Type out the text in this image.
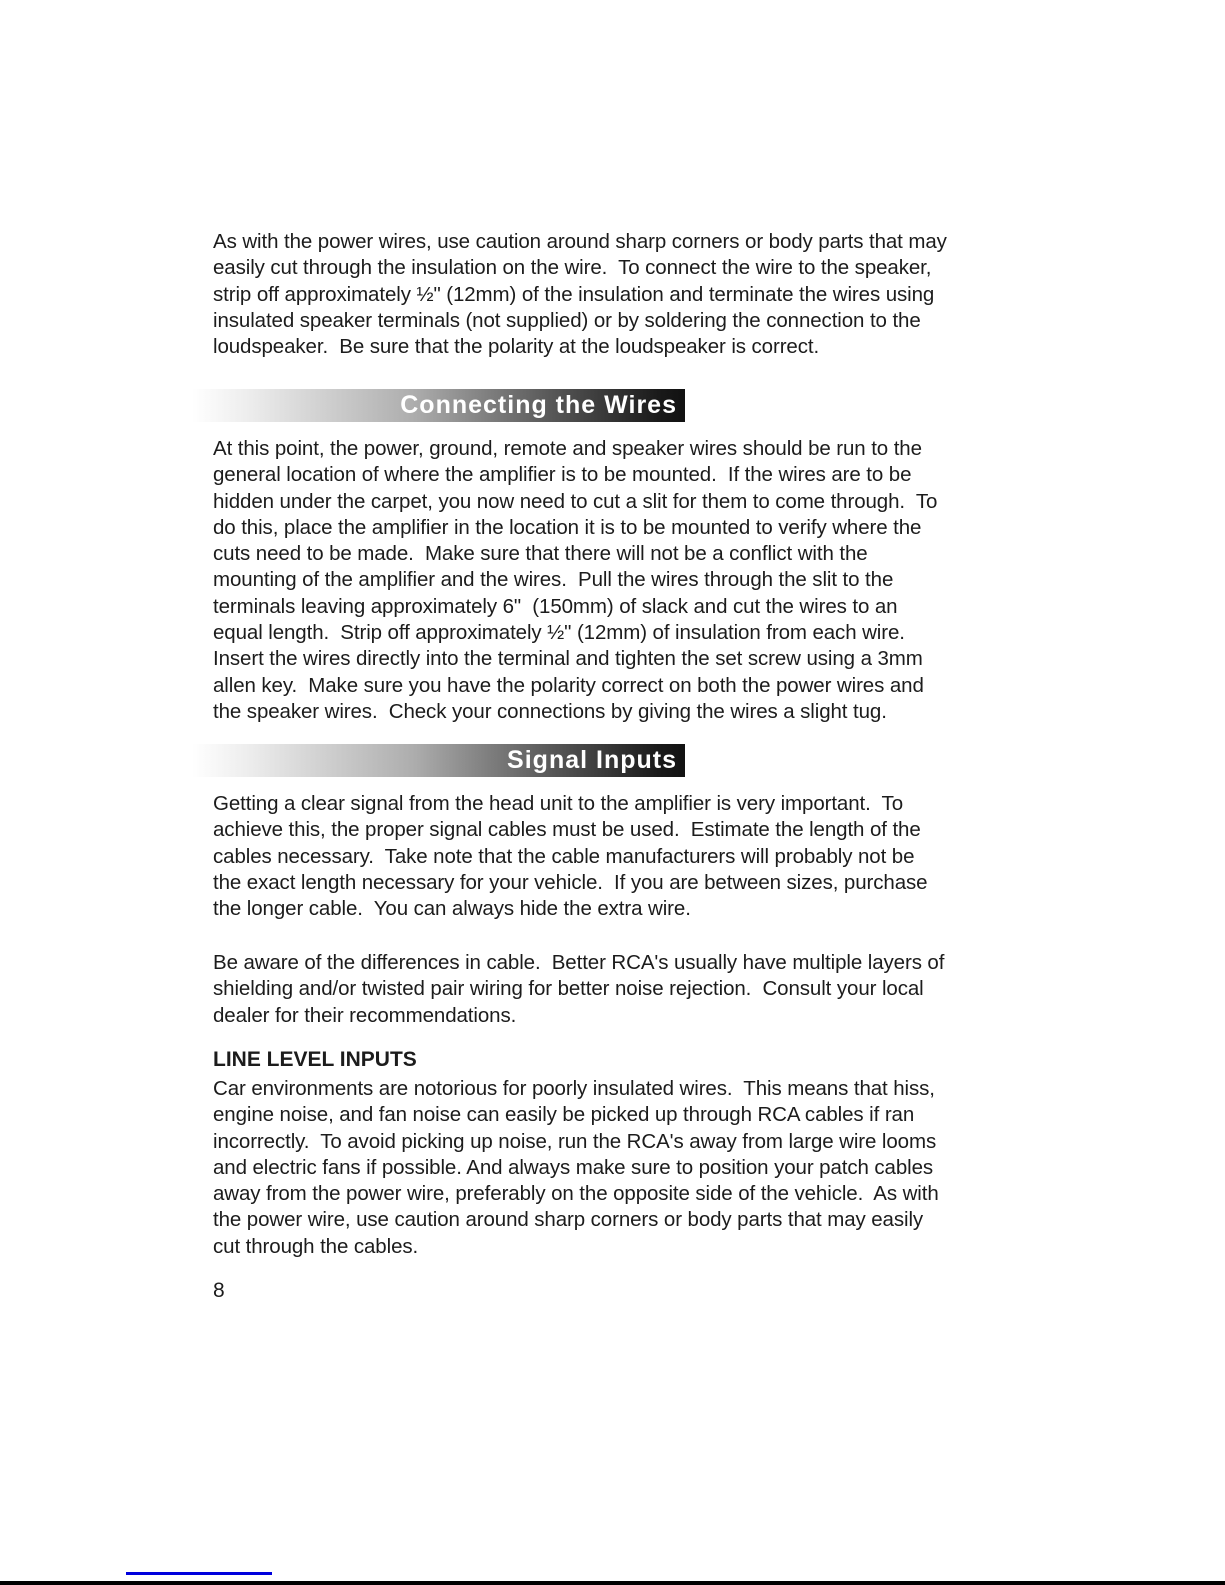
As with the power wires, use caution around sharp corners or body parts that may
easily cut through the insulation on the wire.  To connect the wire to the speaker,
strip off approximately ½" (12mm) of the insulation and terminate the wires using
insulated speaker terminals (not supplied) or by soldering the connection to the
loudspeaker.  Be sure that the polarity at the loudspeaker is correct.
Connecting the Wires
At this point, the power, ground, remote and speaker wires should be run to the
general location of where the amplifier is to be mounted.  If the wires are to be
hidden under the carpet, you now need to cut a slit for them to come through.  To
do this, place the amplifier in the location it is to be mounted to verify where the
cuts need to be made.  Make sure that there will not be a conflict with the
mounting of the amplifier and the wires.  Pull the wires through the slit to the
terminals leaving approximately 6"  (150mm) of slack and cut the wires to an
equal length.  Strip off approximately ½" (12mm) of insulation from each wire.
Insert the wires directly into the terminal and tighten the set screw using a 3mm
allen key.  Make sure you have the polarity correct on both the power wires and
the speaker wires.  Check your connections by giving the wires a slight tug.
Signal Inputs
Getting a clear signal from the head unit to the amplifier is very important.  To
achieve this, the proper signal cables must be used.  Estimate the length of the
cables necessary.  Take note that the cable manufacturers will probably not be
the exact length necessary for your vehicle.  If you are between sizes, purchase
the longer cable.  You can always hide the extra wire.
Be aware of the differences in cable.  Better RCA's usually have multiple layers of
shielding and/or twisted pair wiring for better noise rejection.  Consult your local
dealer for their recommendations.
LINE LEVEL INPUTS
Car environments are notorious for poorly insulated wires.  This means that hiss,
engine noise, and fan noise can easily be picked up through RCA cables if ran
incorrectly.  To avoid picking up noise, run the RCA's away from large wire looms
and electric fans if possible. And always make sure to position your patch cables
away from the power wire, preferably on the opposite side of the vehicle.  As with
the power wire, use caution around sharp corners or body parts that may easily
cut through the cables.
8
